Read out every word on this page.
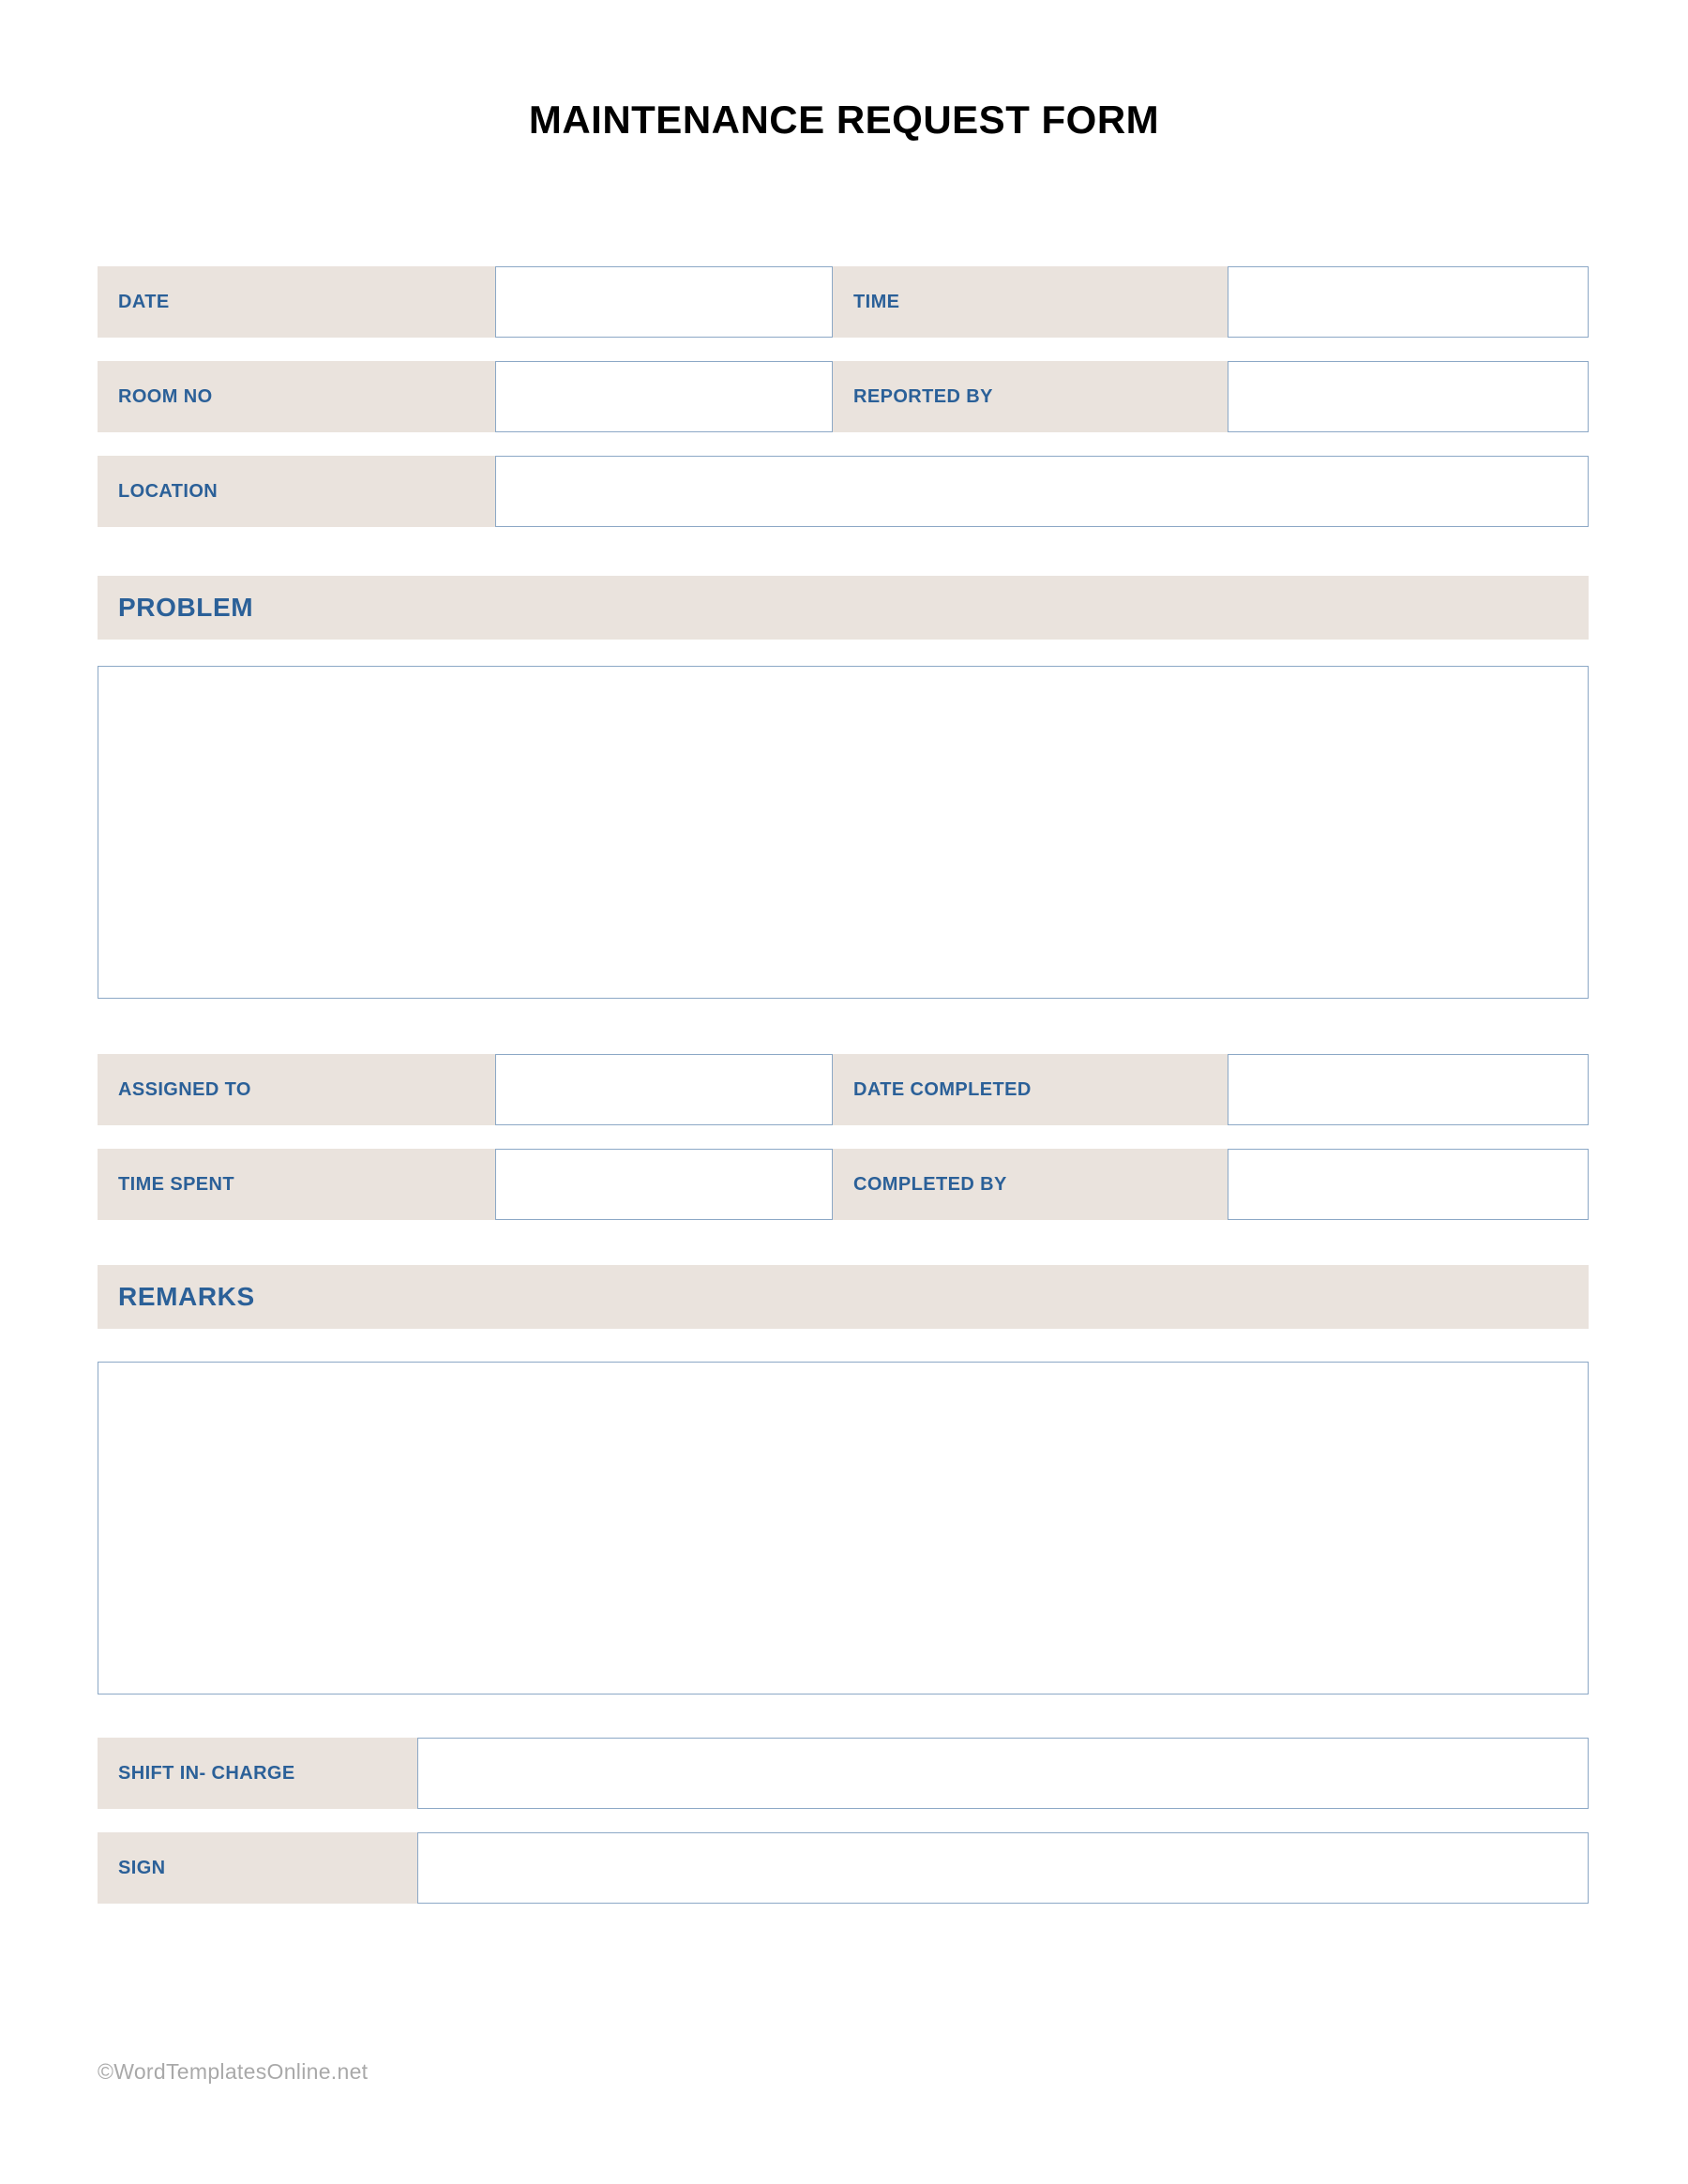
MAINTENANCE REQUEST FORM
DATE	TIME
ROOM NO	REPORTED BY
LOCATION
PROBLEM
ASSIGNED TO	DATE COMPLETED
TIME SPENT	COMPLETED BY
REMARKS
SHIFT IN- CHARGE
SIGN
©WordTemplatesOnline.net
